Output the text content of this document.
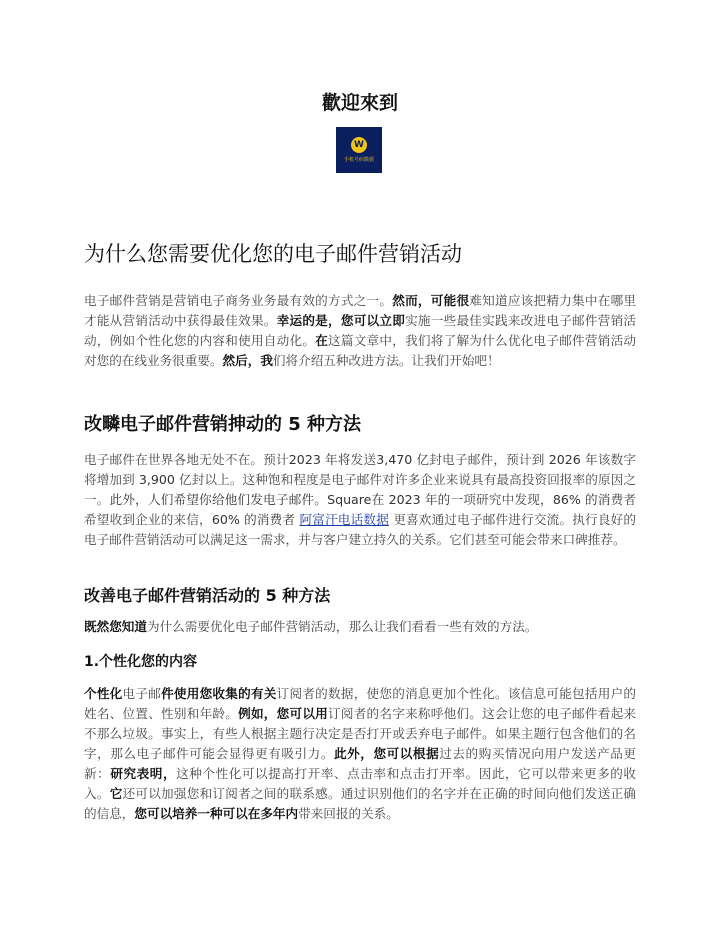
歡迎來到
W
手机号码数据
为什么您需要优化您的电子邮件营销活动

电子邮件营销是营销电子商务业务最有效的方式之一。然而，可能很难知道应该把精力集中在哪里才能从营销活动中获得最佳效果。幸运的是，您可以立即实施一些最佳实践来改进电子邮件营销活动，例如个性化您的内容和使用自动化。在这篇文章中，我们将了解为什么优化电子邮件营销活动对您的在线业务很重要。然后，我们将介绍五种改进方法。让我们开始吧！

改疄电子邮件营销抻动的 5 种方法

电子邮件在世界各地无处不在。预计2023 年将发送3,470 亿封电子邮件，预计到 2026 年该数字将增加到 3,900 亿封以上。这种饱和程度是电子邮件对许多企业来说具有最高投资回报率的原因之一。此外，人们希望你给他们发电子邮件。Square在 2023 年的一项研究中发现，86% 的消费者希望收到企业的来信，60% 的消费者 阿富汗电话数据 更喜欢通过电子邮件进行交流。执行良好的电子邮件营销活动可以满足这一需求，并与客户建立持久的关系。它们甚至可能会带来口碑推荐。

改善电子邮件营销活动的 5 种方法

既然您知道为什么需要优化电子邮件营销活动，那么让我们看看一些有效的方法。

1.个性化您的内容

个性化电子邮件使用您收集的有关订阅者的数据，使您的消息更加个性化。该信息可能包括用户的姓名、位置、性别和年龄。例如，您可以用订阅者的名字来称呼他们。这会让您的电子邮件看起来不那么垃圾。事实上，有些人根据主题行决定是否打开或丢弃电子邮件。如果主题行包含他们的名字，那么电子邮件可能会显得更有吸引力。此外，您可以根据过去的购买情况向用户发送产品更新：研究表明，这种个性化可以提高打开率、点击率和点击打开率。因此，它可以带来更多的收入。它还可以加强您和订阅者之间的联系感。通过识别他们的名字并在正确的时间向他们发送正确的信息，您可以培养一种可以在多年内带来回报的关系。
